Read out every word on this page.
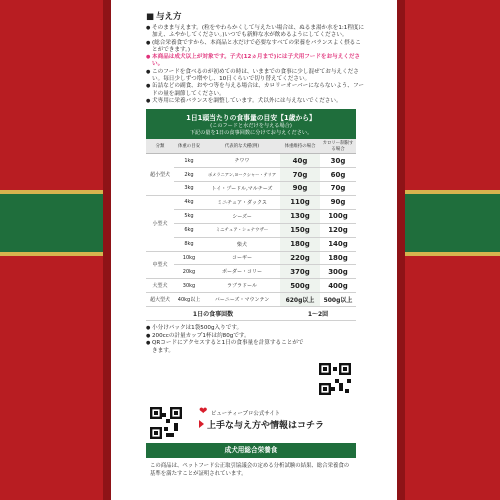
■ 与え方

● そのまま与えます。(粒をやわらかくして与えたい場合は、ぬるま湯か水を1:1程度に加え、ふやかしてください。)いつでも新鮮な水が飲めるようにしてください。

● (総合栄養食ですから、本商品と水だけで必要なすべての栄養をバランスよく摂ることができます。)

● 本商品は成犬以上が対象です。子犬(12ヵ月まで)には子犬用フードをお与えください。

● このフードを食べるのが初めての時は、いままでの食事に少し混ぜてお与えください。毎日少しずつ増やし、10日くらいで切り替えてください。

● 缶詰などの副食、おやつ等を与える場合は、カロリーオーバーにならないよう、フードの量を調節してください。

● 犬専用に栄養バランスを調整しています。犬以外には与えないでください。

1日1頭当たりの食事量の目安【1歳から】
(このフードと水だけを与える場合)
下記の量を1日の食事回数に分けてお与えください。
分類	体重の目安	代表的な犬種(例)	体重維持の場合	カロリー制限する場合
超小型犬	1kg	チワワ	40g	30g
	2kg	ポメラニアン,ヨークシャー・テリア	70g	60g
	3kg	トイ・プードル,マルチーズ	90g	70g
小型犬	4kg	ミニチュア・ダックス	110g	90g
	5kg	シーズー	130g	100g
	6kg	ミニチュア・シュナウザー	150g	120g
	8kg	柴犬	180g	140g
中型犬	10kg	コーギー	220g	180g
	20kg	ボーダー・コリー	370g	300g
大型犬	30kg	ラブラドール	500g	400g
超大型犬	40kg以上	バーニーズ・マウンテン	620g以上	500g以上
1日の食事回数			1〜2回	

● 小分けパックは1袋500g入りです。

● 200ccの計量カップ1杯は約80gです。

● QRコードにアクセスすると1日の食事量を計算することができます。

❤ ビューティープロ公式サイト
上手な与え方や情報はコチラ
成犬用総合栄養食
この商品は、ペットフード公正取引協議会の定める分析試験の結果、総合栄養食の基準を満たすことが証明されています。
